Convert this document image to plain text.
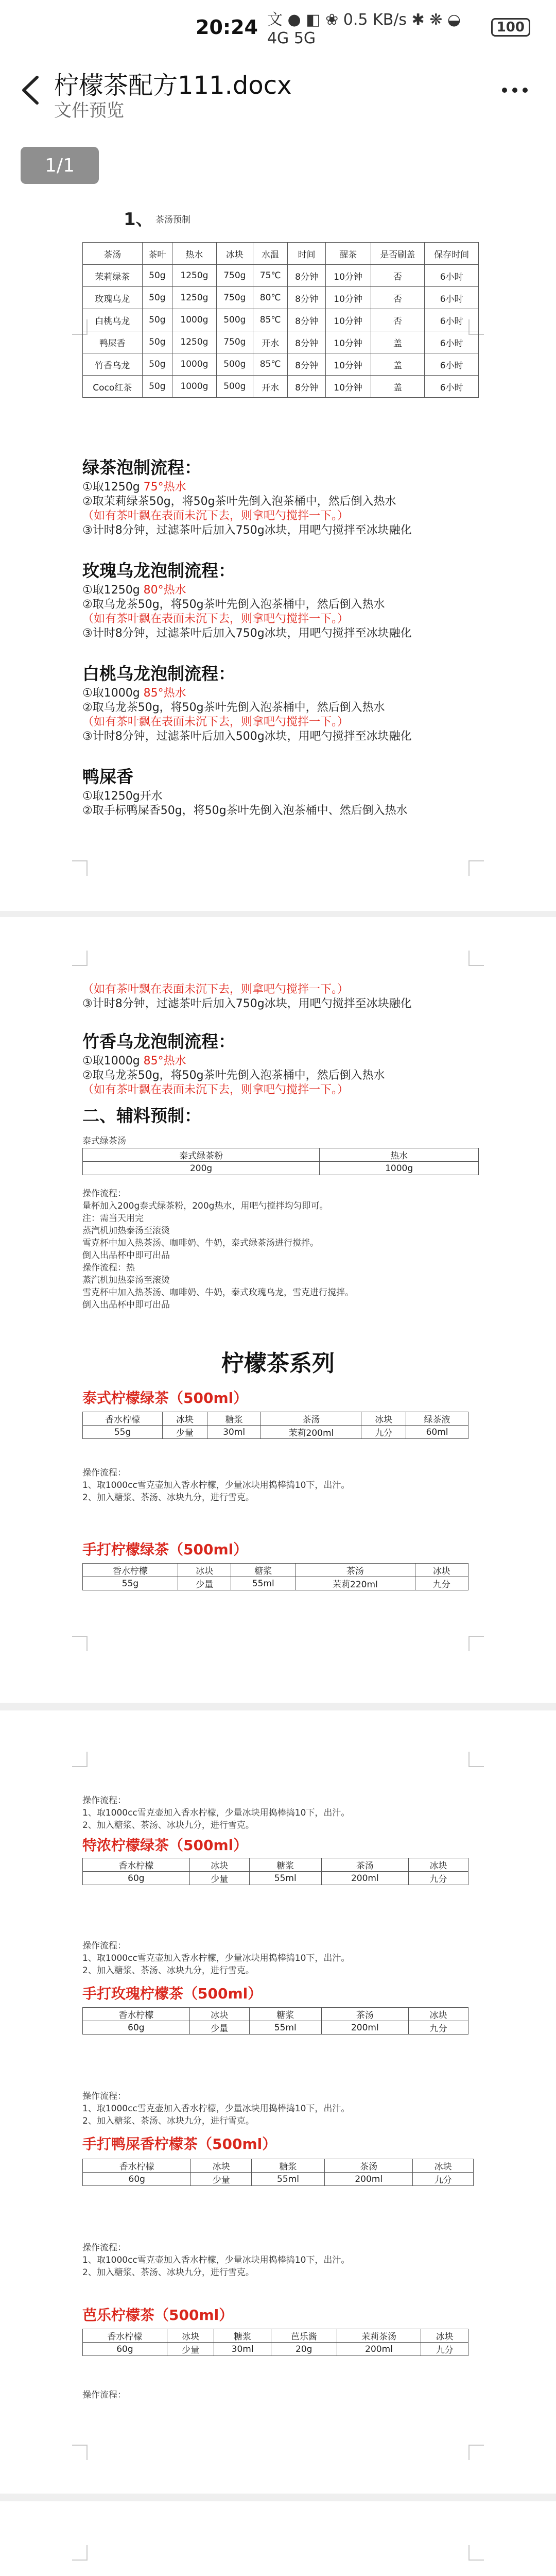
20:24 文 ● ◧ ❀ 0.5 KB/s ✱ ❋ ◒ 4G 5G
100
柠檬茶配方111.docx
文件预览
1、 茶汤预制
茶汤	茶叶	热水	冰块	水温	时间	醒茶	是否刷盖	保存时间
茉莉绿茶	50g	1250g	750g	75℃	8分钟	10分钟	否	6小时
玫瑰乌龙	50g	1250g	750g	80℃	8分钟	10分钟	否	6小时
白桃乌龙	50g	1000g	500g	85℃	8分钟	10分钟	否	6小时
鸭屎香	50g	1250g	750g	开水	8分钟	10分钟	盖	6小时
竹香乌龙	50g	1000g	500g	85℃	8分钟	10分钟	盖	6小时
Coco红茶	50g	1000g	500g	开水	8分钟	10分钟	盖	6小时
绿茶泡制流程：
①取1250g 75°热水
②取茉莉绿茶50g，将50g茶叶先倒入泡茶桶中，然后倒入热水
（如有茶叶飘在表面未沉下去，则拿吧勺搅拌一下。）
③计时8分钟，过滤茶叶后加入750g冰块，用吧勺搅拌至冰块融化
玫瑰乌龙泡制流程：
①取1250g 80°热水
②取乌龙茶50g，将50g茶叶先倒入泡茶桶中，然后倒入热水
（如有茶叶飘在表面未沉下去，则拿吧勺搅拌一下。）
③计时8分钟，过滤茶叶后加入750g冰块，用吧勺搅拌至冰块融化
白桃乌龙泡制流程：
①取1000g 85°热水
②取乌龙茶50g，将50g茶叶先倒入泡茶桶中，然后倒入热水
（如有茶叶飘在表面未沉下去，则拿吧勺搅拌一下。）
③计时8分钟，过滤茶叶后加入500g冰块，用吧勺搅拌至冰块融化
鸭屎香
①取1250g开水
②取手标鸭屎香50g，将50g茶叶先倒入泡茶桶中、然后倒入热水
1/1
（如有茶叶飘在表面未沉下去，则拿吧勺搅拌一下。）
③计时8分钟，过滤茶叶后加入750g冰块，用吧勺搅拌至冰块融化
竹香乌龙泡制流程：
①取1000g 85°热水
②取乌龙茶50g，将50g茶叶先倒入泡茶桶中，然后倒入热水
（如有茶叶飘在表面未沉下去，则拿吧勺搅拌一下。）
二、辅料预制：
泰式绿茶汤
泰式绿茶粉	热水
200g	1000g
操作流程：
量杯加入200g泰式绿茶粉，200g热水，用吧勺搅拌均匀即可。
注：需当天用完
蒸汽机加热泰汤至滚烫
雪克杯中加入热茶汤、咖啡奶、牛奶，泰式绿茶汤进行搅拌。
倒入出品杯中即可出品
操作流程：热
蒸汽机加热泰汤至滚烫
雪克杯中加入热茶汤、咖啡奶、牛奶，泰式玫瑰乌龙，雪克进行搅拌。
倒入出品杯中即可出品
柠檬茶系列
泰式柠檬绿茶（500ml）
香水柠檬	冰块	糖浆	茶汤	冰块	绿茶液
55g	少量	30ml	茉莉200ml	九分	60ml
操作流程：
1、取1000cc雪克壶加入香水柠檬，少量冰块用捣棒捣10下，出汁。
2、加入糖浆、茶汤、冰块九分，进行雪克。
手打柠檬绿茶（500ml）
香水柠檬	冰块	糖浆	茶汤	冰块
55g	少量	55ml	茉莉220ml	九分
操作流程：
1、取1000cc雪克壶加入香水柠檬，少量冰块用捣棒捣10下，出汁。
2、加入糖浆、茶汤、冰块九分，进行雪克。
特浓柠檬绿茶（500ml）
香水柠檬	冰块	糖浆	茶汤	冰块
60g	少量	55ml	200ml	九分
操作流程：
1、取1000cc雪克壶加入香水柠檬，少量冰块用捣棒捣10下，出汁。
2、加入糖浆、茶汤、冰块九分，进行雪克。
手打玫瑰柠檬茶（500ml）
香水柠檬	冰块	糖浆	茶汤	冰块
60g	少量	55ml	200ml	九分
操作流程：
1、取1000cc雪克壶加入香水柠檬，少量冰块用捣棒捣10下，出汁。
2、加入糖浆、茶汤、冰块九分，进行雪克。
手打鸭屎香柠檬茶（500ml）
香水柠檬	冰块	糖浆	茶汤	冰块
60g	少量	55ml	200ml	九分
操作流程：
1、取1000cc雪克壶加入香水柠檬，少量冰块用捣棒捣10下，出汁。
2、加入糖浆、茶汤、冰块九分，进行雪克。
芭乐柠檬茶（500ml）
香水柠檬	冰块	糖浆	芭乐酱	茉莉茶汤	冰块
60g	少量	30ml	20g	200ml	九分
操作流程：
